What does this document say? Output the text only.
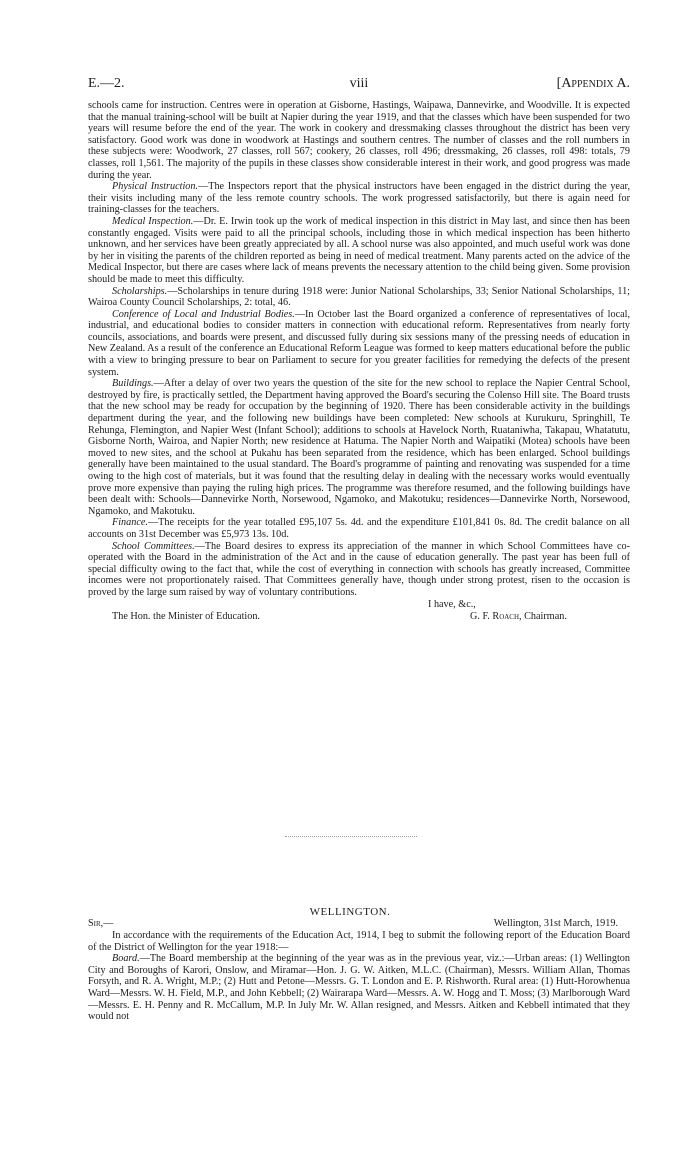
E.—2.	viii	[Appendix A.

schools came for instruction. Centres were in operation at Gisborne, Hastings, Waipawa, Dannevirke, and Woodville. It is expected that the manual training-school will be built at Napier during the year 1919, and that the classes which have been suspended for two years will resume before the end of the year. The work in cookery and dressmaking classes throughout the district has been very satisfactory. Good work was done in woodwork at Hastings and southern centres. The number of classes and the roll numbers in these subjects were: Woodwork, 27 classes, roll 567; cookery, 26 classes, roll 496; dressmaking, 26 classes, roll 498: totals, 79 classes, roll 1,561. The majority of the pupils in these classes show considerable interest in their work, and good progress was made during the year.

Physical Instruction.—The Inspectors report that the physical instructors have been engaged in the district during the year, their visits including many of the less remote country schools. The work progressed satisfactorily, but there is again need for training-classes for the teachers.

Medical Inspection.—Dr. E. Irwin took up the work of medical inspection in this district in May last, and since then has been constantly engaged. Visits were paid to all the principal schools, including those in which medical inspection has been hitherto unknown, and her services have been greatly appreciated by all. A school nurse was also appointed, and much useful work was done by her in visiting the parents of the children reported as being in need of medical treatment. Many parents acted on the advice of the Medical Inspector, but there are cases where lack of means prevents the necessary attention to the child being given. Some provision should be made to meet this difficulty.

Scholarships.—Scholarships in tenure during 1918 were: Junior National Scholarships, 33; Senior National Scholarships, 11; Wairoa County Council Scholarships, 2: total, 46.

Conference of Local and Industrial Bodies.—In October last the Board organized a conference of representatives of local, industrial, and educational bodies to consider matters in connection with educational reform. Representatives from nearly forty councils, associations, and boards were present, and discussed fully during six sessions many of the pressing needs of education in New Zealand. As a result of the conference an Educational Reform League was formed to keep matters educational before the public with a view to bringing pressure to bear on Parliament to secure for you greater facilities for remedying the defects of the present system.

Buildings.—After a delay of over two years the question of the site for the new school to replace the Napier Central School, destroyed by fire, is practically settled, the Department having approved the Board's securing the Colenso Hill site. The Board trusts that the new school may be ready for occupation by the beginning of 1920. There has been considerable activity in the buildings department during the year, and the following new buildings have been completed: New schools at Kurukuru, Springhill, Te Rehunga, Flemington, and Napier West (Infant School); additions to schools at Havelock North, Ruataniwha, Takapau, Whatatutu, Gisborne North, Wairoa, and Napier North; new residence at Hatuma. The Napier North and Waipatiki (Motea) schools have been moved to new sites, and the school at Pukahu has been separated from the residence, which has been enlarged. School buildings generally have been maintained to the usual standard. The Board's programme of painting and renovating was suspended for a time owing to the high cost of materials, but it was found that the resulting delay in dealing with the necessary works would eventually prove more expensive than paying the ruling high prices. The programme was therefore resumed, and the following buildings have been dealt with: Schools—Dannevirke North, Norsewood, Ngamoko, and Makotuku; residences—Dannevirke North, Norsewood, Ngamoko, and Makotuku.

Finance.—The receipts for the year totalled £95,107 5s. 4d. and the expenditure £101,841 0s. 8d. The credit balance on all accounts on 31st December was £5,973 13s. 10d.

School Committees.—The Board desires to express its appreciation of the manner in which School Committees have co-operated with the Board in the administration of the Act and in the cause of education generally. The past year has been full of special difficulty owing to the fact that, while the cost of everything in connection with schools has greatly increased, Committee incomes were not proportionately raised. That Committees generally have, though under strong protest, risen to the occasion is proved by the large sum raised by way of voluntary contributions.

I have, &c.,
The Hon. the Minister of Education.	G. F. Roach, Chairman.
WELLINGTON.
Sir,—	Wellington, 31st March, 1919.

In accordance with the requirements of the Education Act, 1914, I beg to submit the following report of the Education Board of the District of Wellington for the year 1918:—

Board.—The Board membership at the beginning of the year was as in the previous year, viz.:—Urban areas: (1) Wellington City and Boroughs of Karori, Onslow, and Miramar—Hon. J. G. W. Aitken, M.L.C. (Chairman), Messrs. William Allan, Thomas Forsyth, and R. A. Wright, M.P.; (2) Hutt and Petone—Messrs. G. T. London and E. P. Rishworth. Rural area: (1) Hutt-Horowhenua Ward—Messrs. W. H. Field, M.P., and John Kebbell; (2) Wairarapa Ward—Messrs. A. W. Hogg and T. Moss; (3) Marlborough Ward—Messrs. E. H. Penny and R. McCallum, M.P. In July Mr. W. Allan resigned, and Messrs. Aitken and Kebbell intimated that they would not
